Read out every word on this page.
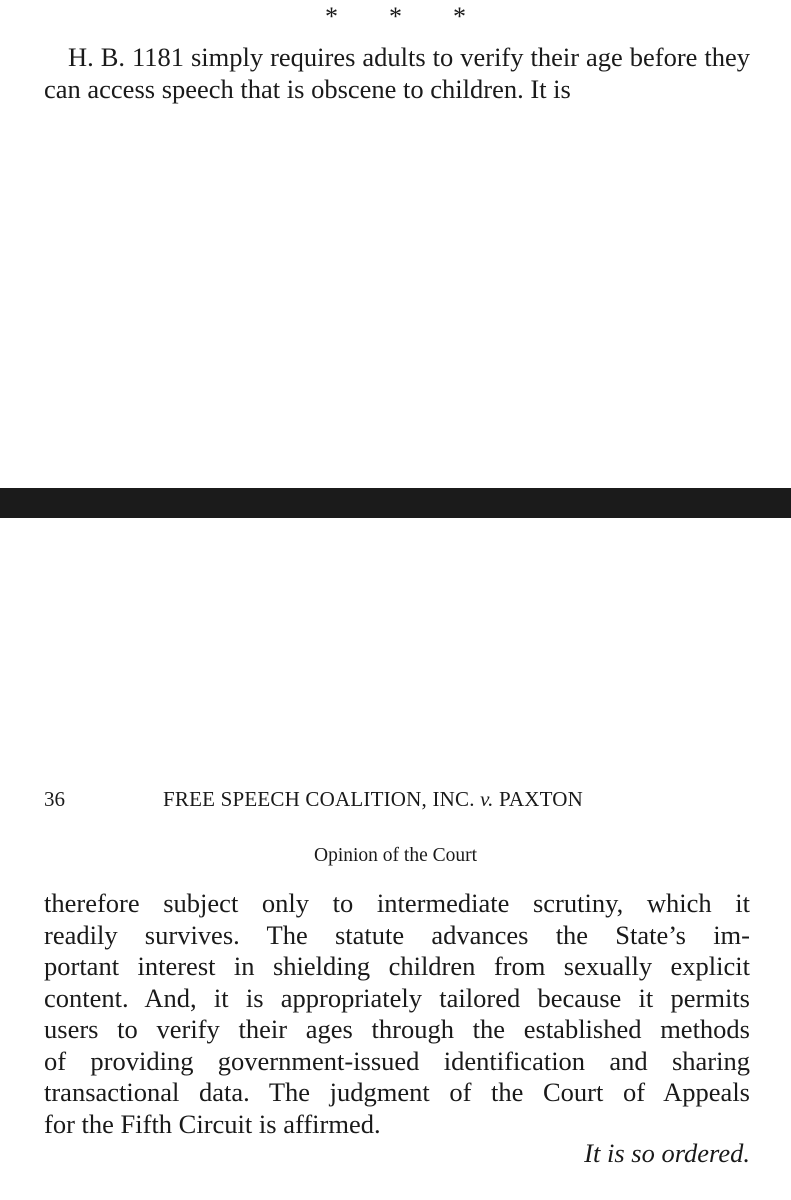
* * *
H. B. 1181 simply requires adults to verify their age before they can access speech that is obscene to children. It is
36	FREE SPEECH COALITION, INC. v. PAXTON
Opinion of the Court
therefore subject only to intermediate scrutiny, which it
readily survives. The statute advances the State’s im-
portant interest in shielding children from sexually explicit
content. And, it is appropriately tailored because it permits
users to verify their ages through the established methods
of providing government-issued identification and sharing
transactional data. The judgment of the Court of Appeals
for the Fifth Circuit is affirmed.
It is so ordered.
